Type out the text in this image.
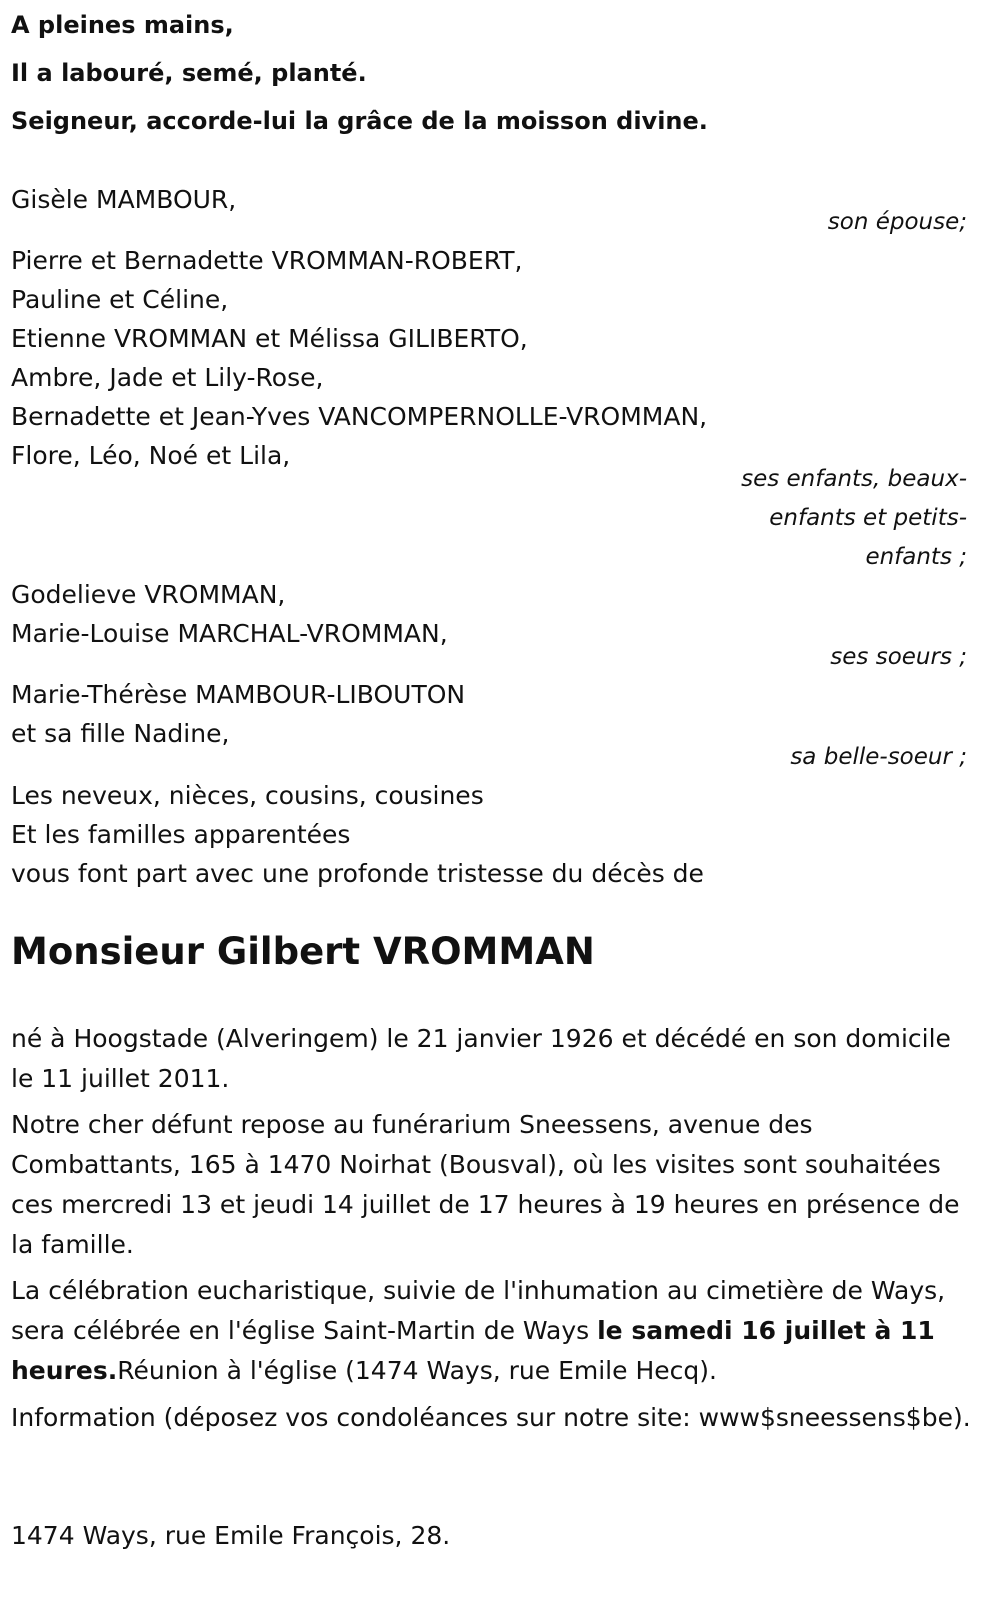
A pleines mains,

Il a labouré, semé, planté.

Seigneur, accorde-lui la grâce de la moisson divine.

Gisèle MAMBOUR,

son épouse;

Pierre et Bernadette VROMMAN-ROBERT,

Pauline et Céline,

Etienne VROMMAN et Mélissa GILIBERTO,

Ambre, Jade et Lily-Rose,

Bernadette et Jean-Yves VANCOMPERNOLLE-VROMMAN,

Flore, Léo, Noé et Lila,

ses enfants, beaux-

enfants et petits-

enfants ;

Godelieve VROMMAN,

Marie-Louise MARCHAL-VROMMAN,

ses soeurs ;

Marie-Thérèse MAMBOUR-LIBOUTON

et sa fille Nadine,

sa belle-soeur ;

Les neveux, nièces, cousins, cousines

Et les familles apparentées

vous font part avec une profonde tristesse du décès de

Monsieur Gilbert VROMMAN

né à Hoogstade (Alveringem) le 21 janvier 1926 et décédé en son domicile le 11 juillet 2011.

Notre cher défunt repose au funérarium Sneessens, avenue des Combattants, 165 à 1470 Noirhat (Bousval), où les visites sont souhaitées ces mercredi 13 et jeudi 14 juillet de 17 heures à 19 heures en présence de la famille.

La célébration eucharistique, suivie de l'inhumation au cimetière de Ways, sera célébrée en l'église Saint-Martin de Ways le samedi 16 juillet à 11 heures.Réunion à l'église (1474 Ways, rue Emile Hecq).

Information (déposez vos condoléances sur notre site: www$sneessens$be).

1474 Ways, rue Emile François, 28.
